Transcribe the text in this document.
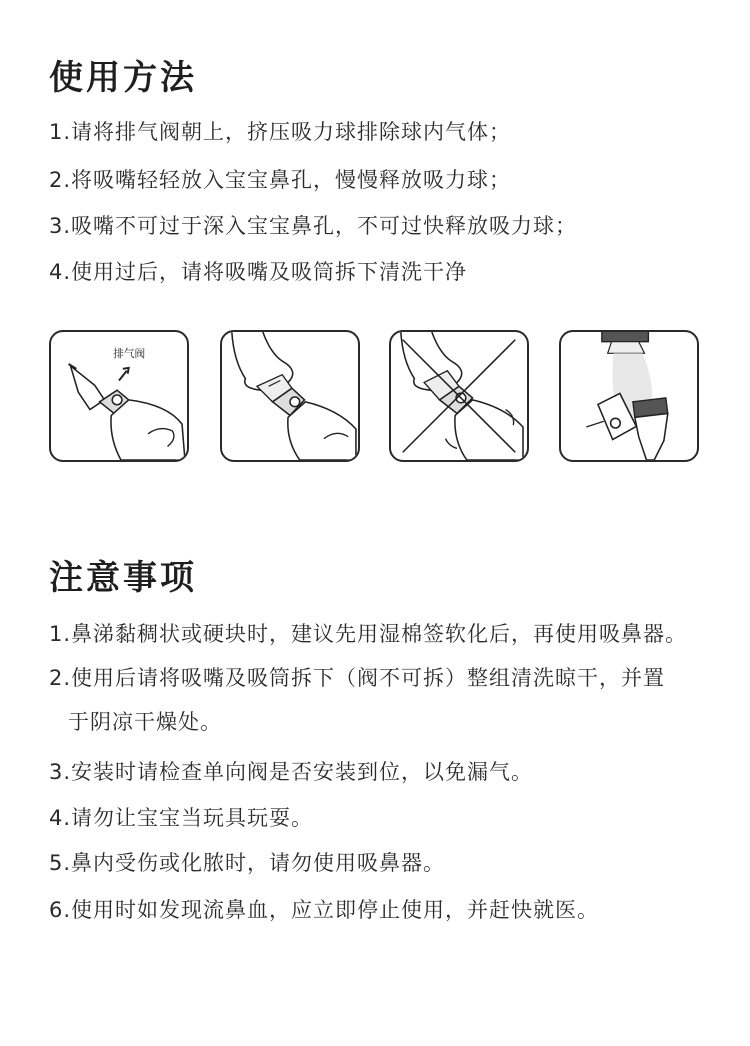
使用方法

1.请将排气阀朝上，挤压吸力球排除球内气体；

2.将吸嘴轻轻放入宝宝鼻孔，慢慢释放吸力球；

3.吸嘴不可过于深入宝宝鼻孔，不可过快释放吸力球；

4.使用过后，请将吸嘴及吸筒拆下清洗干净

排气阀
注意事项

1.鼻涕黏稠状或硬块时，建议先用湿棉签软化后，再使用吸鼻器。

2.使用后请将吸嘴及吸筒拆下（阀不可拆）整组清洗晾干，并置

于阴凉干燥处。

3.安装时请检查单向阀是否安装到位，以免漏气。

4.请勿让宝宝当玩具玩耍。

5.鼻内受伤或化脓时，请勿使用吸鼻器。

6.使用时如发现流鼻血，应立即停止使用，并赶快就医。
